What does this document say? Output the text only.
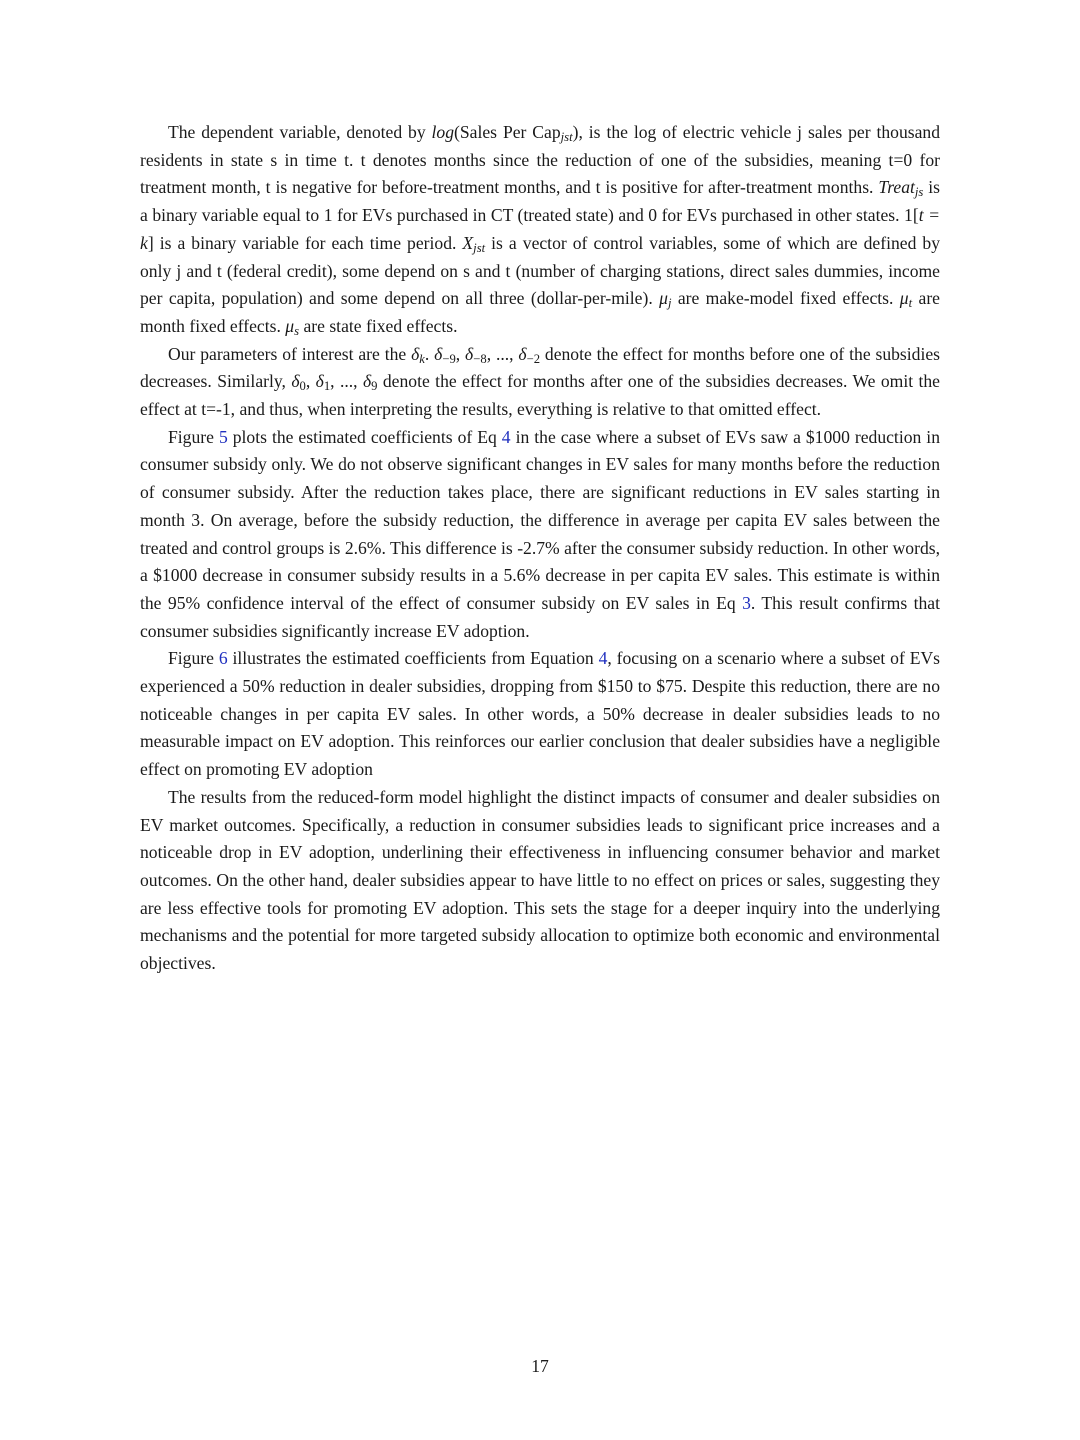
The dependent variable, denoted by log(Sales Per Cap$_{jst}$), is the log of electric vehicle j sales per thousand residents in state s in time t. t denotes months since the reduction of one of the subsidies, meaning t=0 for treatment month, t is negative for before-treatment months, and t is positive for after-treatment months. Treat$_{js}$ is a binary variable equal to 1 for EVs purchased in CT (treated state) and 0 for EVs purchased in other states. 1[t = k] is a binary variable for each time period. $X_{jst}$ is a vector of control variables, some of which are defined by only j and t (federal credit), some depend on s and t (number of charging stations, direct sales dummies, income per capita, population) and some depend on all three (dollar-per-mile). $\mu_j$ are make-model fixed effects. $\mu_t$ are month fixed effects. $\mu_s$ are state fixed effects.

Our parameters of interest are the $\delta_k$. $\delta_{-9}$, $\delta_{-8}$, ..., $\delta_{-2}$ denote the effect for months before one of the subsidies decreases. Similarly, $\delta_0$, $\delta_1$, ..., $\delta_9$ denote the effect for months after one of the subsidies decreases. We omit the effect at t=-1, and thus, when interpreting the results, everything is relative to that omitted effect.

Figure 5 plots the estimated coefficients of Eq 4 in the case where a subset of EVs saw a $1000 reduction in consumer subsidy only. We do not observe significant changes in EV sales for many months before the reduction of consumer subsidy. After the reduction takes place, there are significant reductions in EV sales starting in month 3. On average, before the subsidy reduction, the difference in average per capita EV sales between the treated and control groups is 2.6%. This difference is -2.7% after the consumer subsidy reduction. In other words, a $1000 decrease in consumer subsidy results in a 5.6% decrease in per capita EV sales. This estimate is within the 95% confidence interval of the effect of consumer subsidy on EV sales in Eq 3. This result confirms that consumer subsidies significantly increase EV adoption.

Figure 6 illustrates the estimated coefficients from Equation 4, focusing on a scenario where a subset of EVs experienced a 50% reduction in dealer subsidies, dropping from $150 to $75. Despite this reduction, there are no noticeable changes in per capita EV sales. In other words, a 50% decrease in dealer subsidies leads to no measurable impact on EV adoption. This reinforces our earlier conclusion that dealer subsidies have a negligible effect on promoting EV adoption

The results from the reduced-form model highlight the distinct impacts of consumer and dealer subsidies on EV market outcomes. Specifically, a reduction in consumer subsidies leads to significant price increases and a noticeable drop in EV adoption, underlining their effectiveness in influencing consumer behavior and market outcomes. On the other hand, dealer subsidies appear to have little to no effect on prices or sales, suggesting they are less effective tools for promoting EV adoption. This sets the stage for a deeper inquiry into the underlying mechanisms and the potential for more targeted subsidy allocation to optimize both economic and environmental objectives.

17
